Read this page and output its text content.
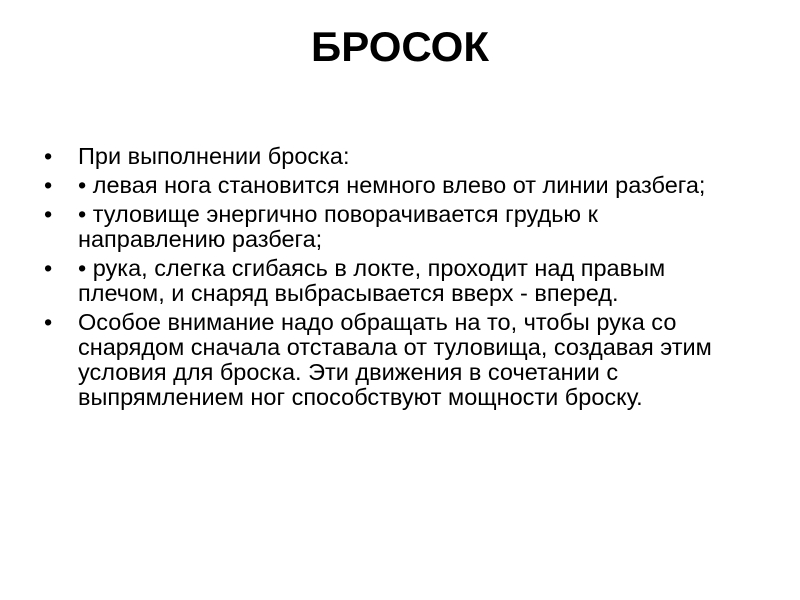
БРОСОК
•	При выполнении броска:
•	• левая нога становится немного влево от линии разбега;
•	• туловище энергично поворачивается грудью к направлению разбега;
•	• рука, слегка сгибаясь в локте, проходит над правым плечом, и снаряд выбрасывается вверх - вперед.
•	Особое внимание надо обращать на то, чтобы рука со снарядом сначала отставала от туловища, создавая этим условия для броска. Эти движения в сочетании с выпрямлением ног способствуют мощности броску.
